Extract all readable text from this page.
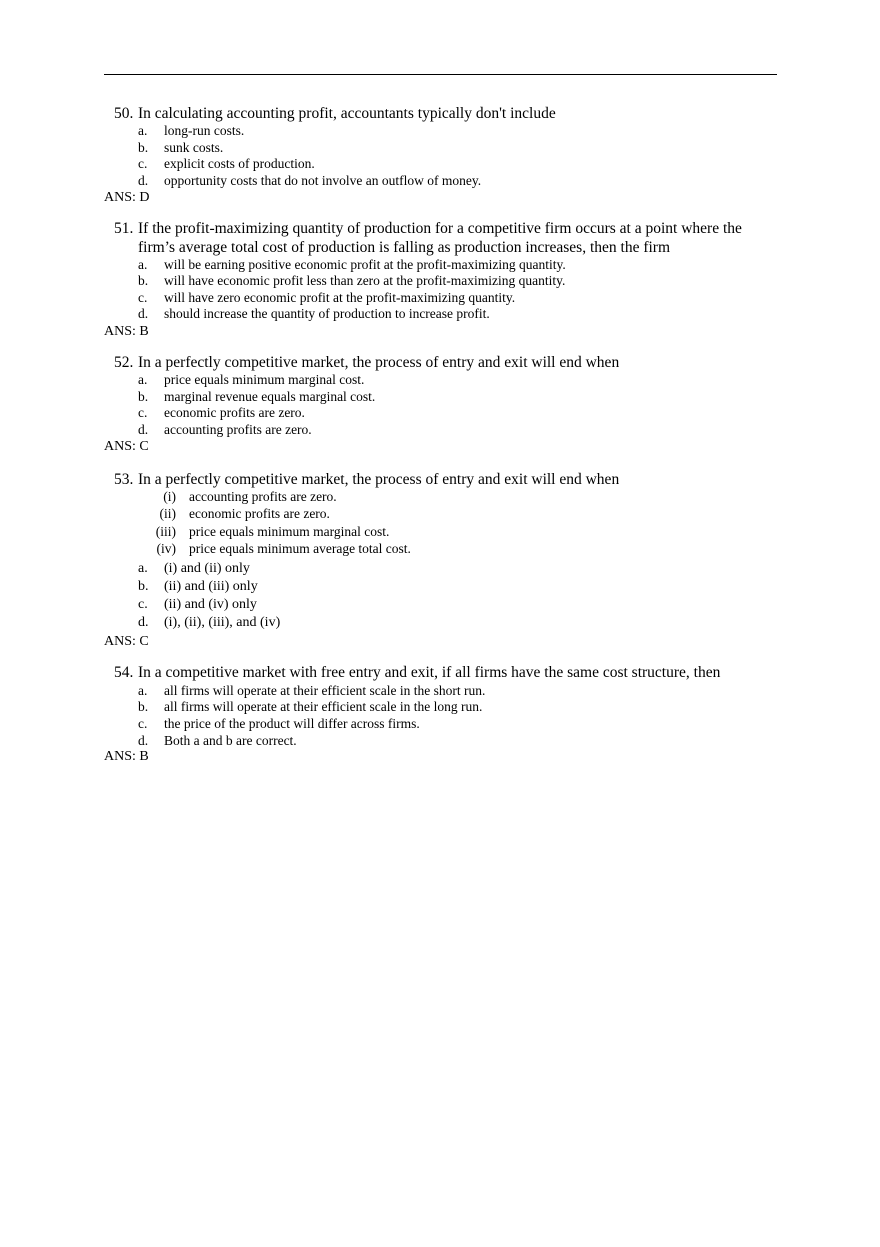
50. In calculating accounting profit, accountants typically don't include
a. long-run costs.
b. sunk costs.
c. explicit costs of production.
d. opportunity costs that do not involve an outflow of money.
ANS: D
51. If the profit-maximizing quantity of production for a competitive firm occurs at a point where the firm’s average total cost of production is falling as production increases, then the firm
a. will be earning positive economic profit at the profit-maximizing quantity.
b. will have economic profit less than zero at the profit-maximizing quantity.
c. will have zero economic profit at the profit-maximizing quantity.
d. should increase the quantity of production to increase profit.
ANS: B
52. In a perfectly competitive market, the process of entry and exit will end when
a. price equals minimum marginal cost.
b. marginal revenue equals marginal cost.
c. economic profits are zero.
d. accounting profits are zero.
ANS: C
53. In a perfectly competitive market, the process of entry and exit will end when
(i) accounting profits are zero.
(ii) economic profits are zero.
(iii) price equals minimum marginal cost.
(iv) price equals minimum average total cost.
a. (i) and (ii) only
b. (ii) and (iii) only
c. (ii) and (iv) only
d. (i), (ii), (iii), and (iv)
ANS: C
54. In a competitive market with free entry and exit, if all firms have the same cost structure, then
a. all firms will operate at their efficient scale in the short run.
b. all firms will operate at their efficient scale in the long run.
c. the price of the product will differ across firms.
d. Both a and b are correct.
ANS: B
